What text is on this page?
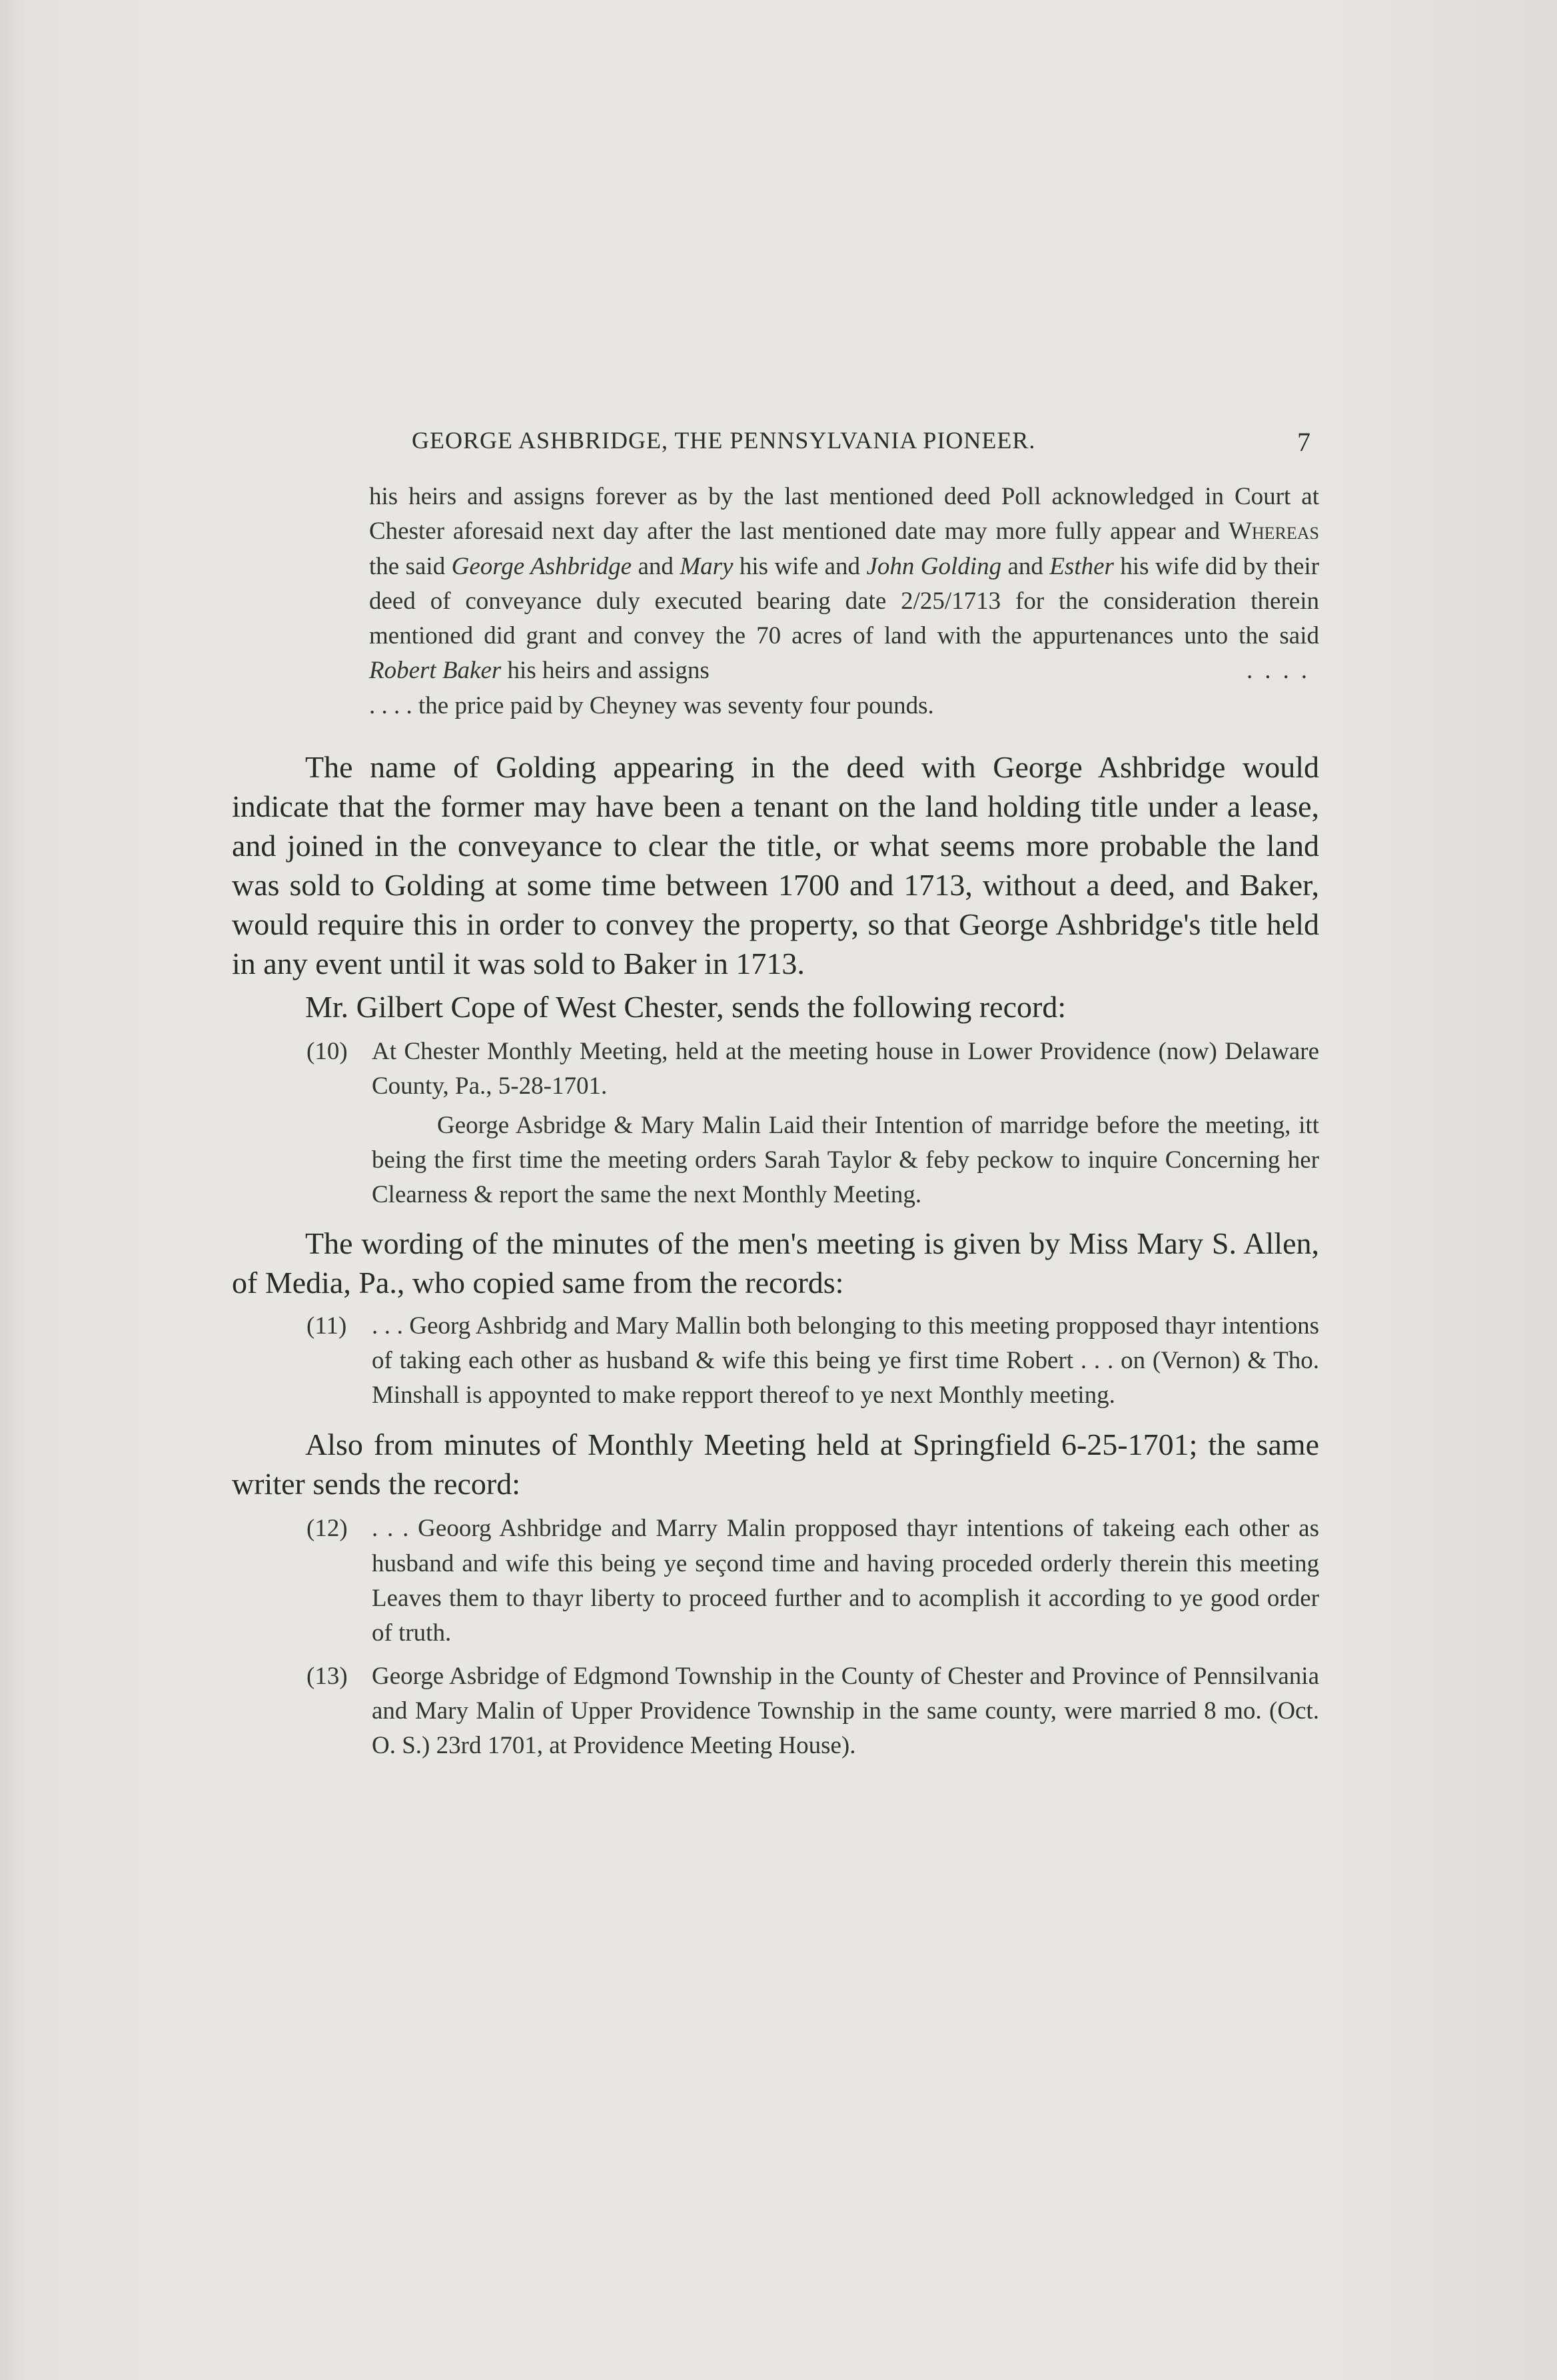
GEORGE ASHBRIDGE, THE PENNSYLVANIA PIONEER.	7
his heirs and assigns forever as by the last mentioned deed Poll acknowledged in Court at Chester aforesaid next day after the last mentioned date may more fully appear and Whereas the said George Ashbridge and Mary his wife and John Golding and Esther his wife did by their deed of conveyance duly executed bearing date 2/25/1713 for the consideration therein mentioned did grant and convey the 70 acres of land with the appurtenances unto the said Robert Baker his heirs and assigns	....

. . . . the price paid by Cheyney was seventy four pounds.

The name of Golding appearing in the deed with George Ashbridge would indicate that the former may have been a tenant on the land holding title under a lease, and joined in the conveyance to clear the title, or what seems more probable the land was sold to Golding at some time between 1700 and 1713, without a deed, and Baker, would require this in order to convey the property, so that George Ashbridge's title held in any event until it was sold to Baker in 1713.

Mr. Gilbert Cope of West Chester, sends the following record:

(10) At Chester Monthly Meeting, held at the meeting house in Lower Providence (now) Delaware County, Pa., 5-28-1701.
George Asbridge & Mary Malin Laid their Intention of marridge before the meeting, itt being the first time the meeting orders Sarah Taylor & feby peckow to inquire Concerning her Clearness & report the same the next Monthly Meeting.

The wording of the minutes of the men's meeting is given by Miss Mary S. Allen, of Media, Pa., who copied same from the records:

(11) . . . Georg Ashbridg and Mary Mallin both belonging to this meeting propposed thayr intentions of taking each other as husband & wife this being ye first time Robert . . . on (Vernon) & Tho. Minshall is appoynted to make repport thereof to ye next Monthly meeting.

Also from minutes of Monthly Meeting held at Springfield 6-25-1701; the same writer sends the record:

(12) . . . Geoorg Ashbridge and Marry Malin propposed thayr intentions of takeing each other as husband and wife this being ye seçond time and having proceded orderly therein this meeting Leaves them to thayr liberty to proceed further and to acomplish it according to ye good order of truth.
(13) George Asbridge of Edgmond Township in the County of Chester and Province of Pennsilvania and Mary Malin of Upper Providence Township in the same county, were married 8 mo. (Oct. O. S.) 23rd 1701, at Providence Meeting House).
